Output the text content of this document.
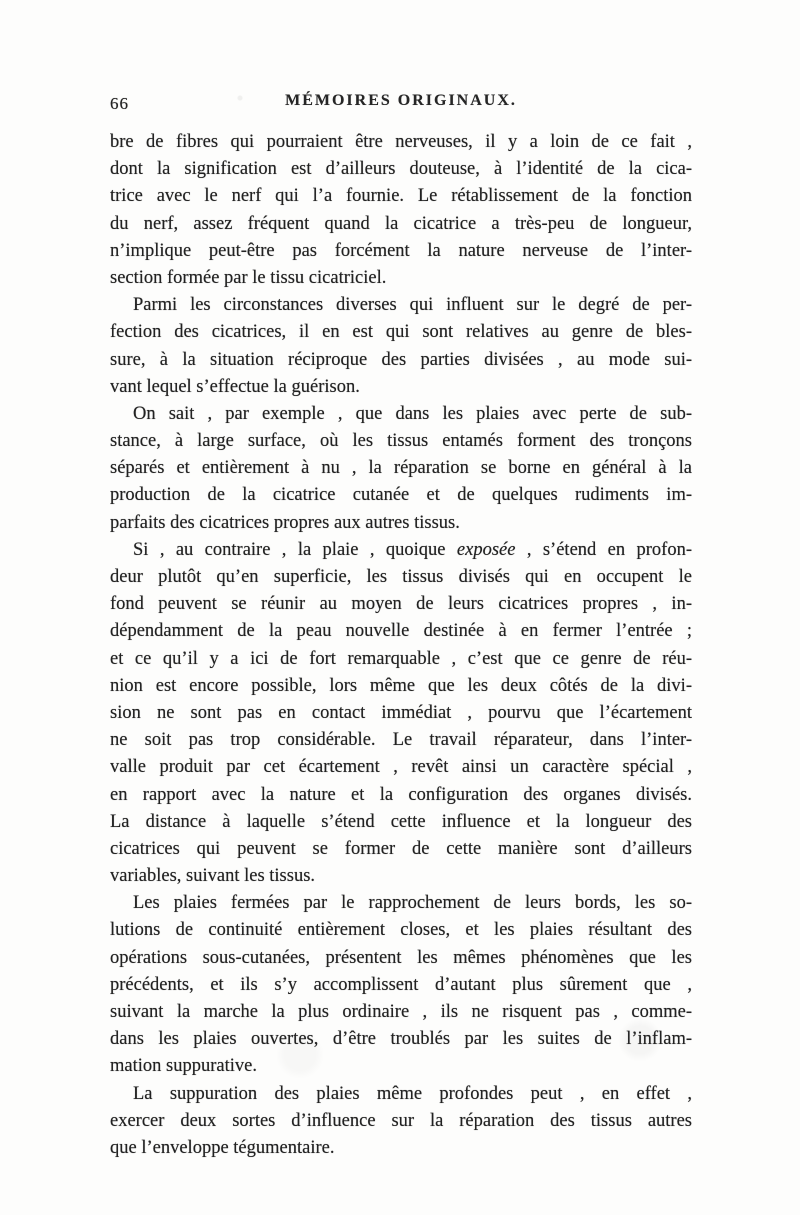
66	MÉMOIRES ORIGINAUX.
bre de fibres qui pourraient être nerveuses, il y a loin de ce fait ,
dont la signification est d’ailleurs douteuse, à l’identité de la cica-
trice avec le nerf qui l’a fournie. Le rétablissement de la fonction
du nerf, assez fréquent quand la cicatrice a très-peu de longueur,
n’implique peut-être pas forcément la nature nerveuse de l’inter-
section formée par le tissu cicatriciel.
Parmi les circonstances diverses qui influent sur le degré de per-
fection des cicatrices, il en est qui sont relatives au genre de bles-
sure, à la situation réciproque des parties divisées , au mode sui-
vant lequel s’effectue la guérison.
On sait , par exemple , que dans les plaies avec perte de sub-
stance, à large surface, où les tissus entamés forment des tronçons
séparés et entièrement à nu , la réparation se borne en général à la
production de la cicatrice cutanée et de quelques rudiments im-
parfaits des cicatrices propres aux autres tissus.
Si , au contraire , la plaie , quoique exposée , s’étend en profon-
deur plutôt qu’en superficie, les tissus divisés qui en occupent le
fond peuvent se réunir au moyen de leurs cicatrices propres , in-
dépendamment de la peau nouvelle destinée à en fermer l’entrée ;
et ce qu’il y a ici de fort remarquable , c’est que ce genre de réu-
nion est encore possible, lors même que les deux côtés de la divi-
sion ne sont pas en contact immédiat , pourvu que l’écartement
ne soit pas trop considérable. Le travail réparateur, dans l’inter-
valle produit par cet écartement , revêt ainsi un caractère spécial ,
en rapport avec la nature et la configuration des organes divisés.
La distance à laquelle s’étend cette influence et la longueur des
cicatrices qui peuvent se former de cette manière sont d’ailleurs
variables, suivant les tissus.
Les plaies fermées par le rapprochement de leurs bords, les so-
lutions de continuité entièrement closes, et les plaies résultant des
opérations sous-cutanées, présentent les mêmes phénomènes que les
précédents, et ils s’y accomplissent d’autant plus sûrement que ,
suivant la marche la plus ordinaire , ils ne risquent pas , comme-
dans les plaies ouvertes, d’être troublés par les suites de l’inflam-
mation suppurative.
La suppuration des plaies même profondes peut , en effet ,
exercer deux sortes d’influence sur la réparation des tissus autres
que l’enveloppe tégumentaire.
